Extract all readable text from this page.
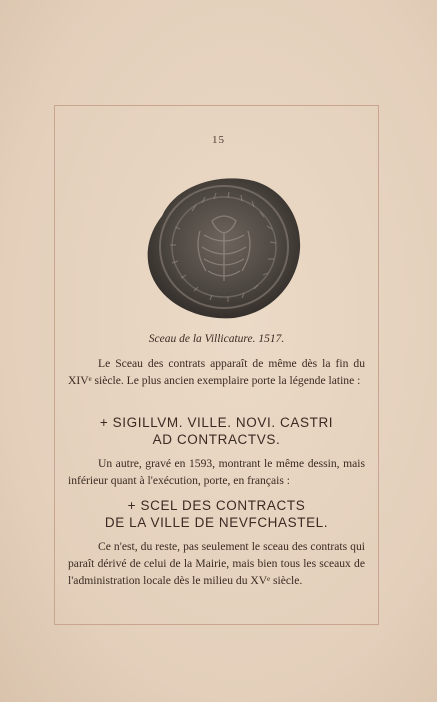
15
Sceau de la Villicature. 1517.
Le Sceau des contrats apparaît de même dès la fin du XIVᵉ siècle. Le plus ancien exemplaire porte la légende latine :
+ SIGILLVM. VILLE. NOVI. CASTRI
AD CONTRACTVS.
Un autre, gravé en 1593, montrant le même dessin, mais inférieur quant à l'exécution, porte, en français :
+ SCEL DES CONTRACTS
DE LA VILLE DE NEVFCHASTEL.
Ce n'est, du reste, pas seulement le sceau des contrats qui paraît dérivé de celui de la Mairie, mais bien tous les sceaux de l'administration locale dès le milieu du XVᵉ siècle.
